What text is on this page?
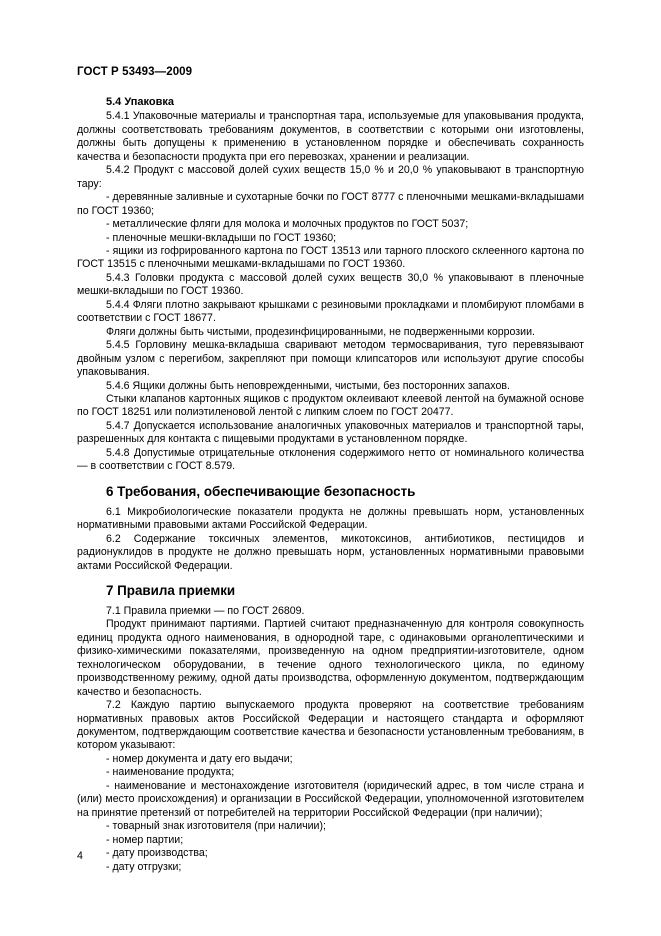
ГОСТ Р 53493—2009
5.4 Упаковка

5.4.1 Упаковочные материалы и транспортная тара, используемые для упаковывания продукта, должны соответствовать требованиям документов, в соответствии с которыми они изготовлены, должны быть допущены к применению в установленном порядке и обеспечивать сохранность качества и безопасности продукта при его перевозках, хранении и реализации.

5.4.2 Продукт с массовой долей сухих веществ 15,0 % и 20,0 % упаковывают в транспортную тару:

- деревянные заливные и сухотарные бочки по ГОСТ 8777 с пленочными мешками-вкладышами по ГОСТ 19360;

- металлические фляги для молока и молочных продуктов по ГОСТ 5037;

- пленочные мешки-вкладыши по ГОСТ 19360;

- ящики из гофрированного картона по ГОСТ 13513 или тарного плоского склеенного картона по ГОСТ 13515 с пленочными мешками-вкладышами по ГОСТ 19360.

5.4.3 Головки продукта с массовой долей сухих веществ 30,0 % упаковывают в пленочные мешки-вкладыши по ГОСТ 19360.

5.4.4 Фляги плотно закрывают крышками с резиновыми прокладками и пломбируют пломбами в соответствии с ГОСТ 18677.

Фляги должны быть чистыми, продезинфицированными, не подверженными коррозии.

5.4.5 Горловину мешка-вкладыша сваривают методом термосваривания, туго перевязывают двойным узлом с перегибом, закрепляют при помощи клипсаторов или используют другие способы упаковывания.

5.4.6 Ящики должны быть неповрежденными, чистыми, без посторонних запахов.

Стыки клапанов картонных ящиков с продуктом оклеивают клеевой лентой на бумажной основе по ГОСТ 18251 или полиэтиленовой лентой с липким слоем по ГОСТ 20477.

5.4.7 Допускается использование аналогичных упаковочных материалов и транспортной тары, разрешенных для контакта с пищевыми продуктами в установленном порядке.

5.4.8 Допустимые отрицательные отклонения содержимого нетто от номинального количества — в соответствии с ГОСТ 8.579.

6 Требования, обеспечивающие безопасность

6.1 Микробиологические показатели продукта не должны превышать норм, установленных нормативными правовыми актами Российской Федерации.

6.2 Содержание токсичных элементов, микотоксинов, антибиотиков, пестицидов и радионуклидов в продукте не должно превышать норм, установленных нормативными правовыми актами Российской Федерации.

7 Правила приемки

7.1 Правила приемки — по ГОСТ 26809.

Продукт принимают партиями. Партией считают предназначенную для контроля совокупность единиц продукта одного наименования, в однородной таре, с одинаковыми органолептическими и физико-химическими показателями, произведенную на одном предприятии-изготовителе, одном технологическом оборудовании, в течение одного технологического цикла, по единому производственному режиму, одной даты производства, оформленную документом, подтверждающим качество и безопасность.

7.2 Каждую партию выпускаемого продукта проверяют на соответствие требованиям нормативных правовых актов Российской Федерации и настоящего стандарта и оформляют документом, подтверждающим соответствие качества и безопасности установленным требованиям, в котором указывают:

- номер документа и дату его выдачи;

- наименование продукта;

- наименование и местонахождение изготовителя (юридический адрес, в том числе страна и (или) место происхождения) и организации в Российской Федерации, уполномоченной изготовителем на принятие претензий от потребителей на территории Российской Федерации (при наличии);

- товарный знак изготовителя (при наличии);

- номер партии;

- дату производства;

- дату отгрузки;

4
